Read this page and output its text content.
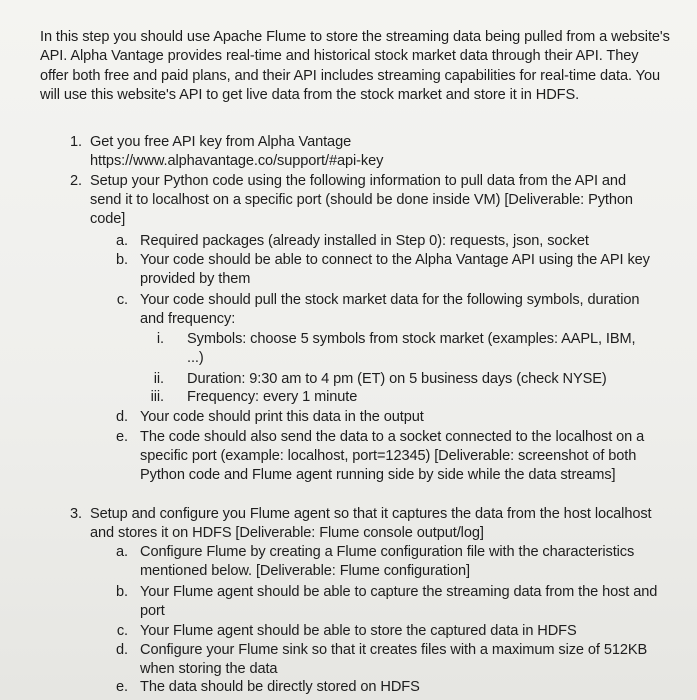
In this step you should use Apache Flume to store the streaming data being pulled from a website's API. Alpha Vantage provides real-time and historical stock market data through their API. They offer both free and paid plans, and their API includes streaming capabilities for real-time data. You will use this website's API to get live data from the stock market and store it in HDFS.
1. Get you free API key from Alpha Vantage
https://www.alphavantage.co/support/#api-key
2. Setup your Python code using the following information to pull data from the API and send it to localhost on a specific port (should be done inside VM) [Deliverable: Python code]
a. Required packages (already installed in Step 0): requests, json, socket
b. Your code should be able to connect to the Alpha Vantage API using the API key provided by them
c. Your code should pull the stock market data for the following symbols, duration and frequency:
i. Symbols: choose 5 symbols from stock market (examples: AAPL, IBM, ...)
ii. Duration: 9:30 am to 4 pm (ET) on 5 business days (check NYSE)
iii. Frequency: every 1 minute
d. Your code should print this data in the output
e. The code should also send the data to a socket connected to the localhost on a specific port (example: localhost, port=12345) [Deliverable: screenshot of both Python code and Flume agent running side by side while the data streams]
3. Setup and configure you Flume agent so that it captures the data from the host localhost and stores it on HDFS [Deliverable: Flume console output/log]
a. Configure Flume by creating a Flume configuration file with the characteristics mentioned below. [Deliverable: Flume configuration]
b. Your Flume agent should be able to capture the streaming data from the host and port
c. Your Flume agent should be able to store the captured data in HDFS
d. Configure your Flume sink so that it creates files with a maximum size of 512KB when storing the data
e. The data should be directly stored on HDFS
